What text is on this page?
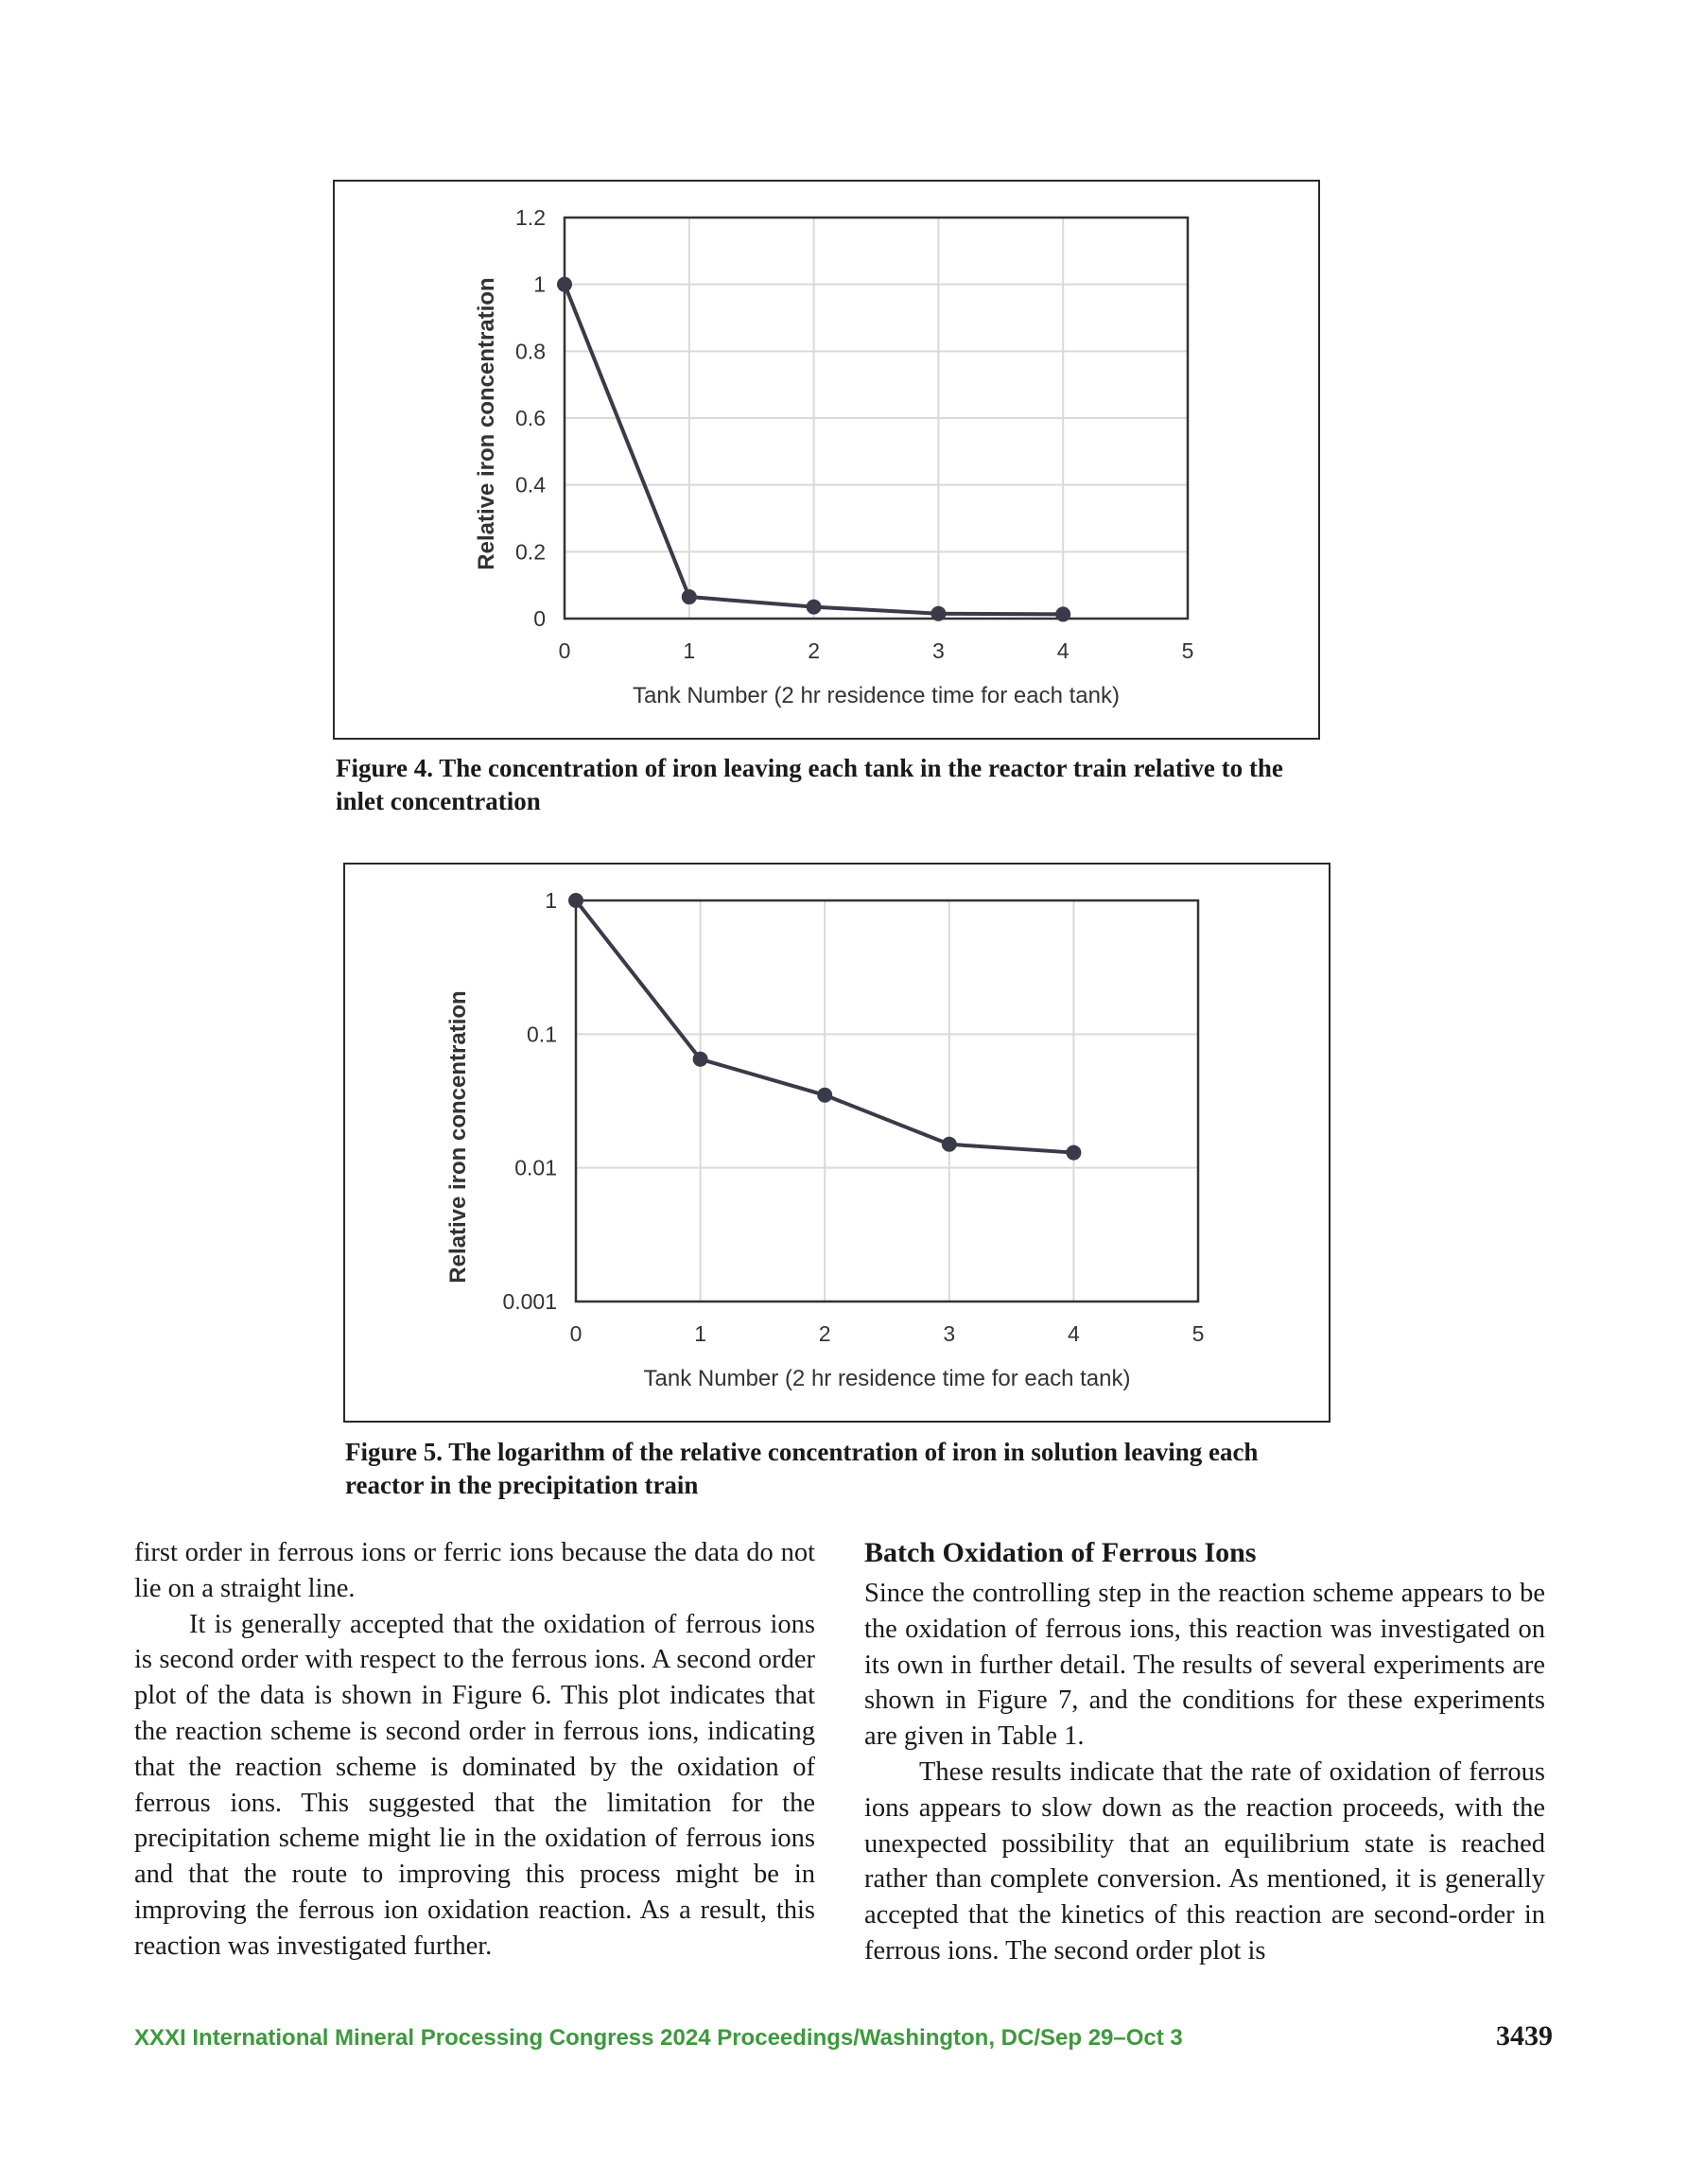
0	1	2	3	4	5
0
0.2
0.4
0.6
0.8
1
1.2
Tank Number (2 hr residence time for each tank)
Relative iron concentration
Figure 4. The concentration of iron leaving each tank in the reactor train relative to the inlet concentration
0	1	2	3	4	5
0.001
0.01
0.1
1
Tank Number (2 hr residence time for each tank)
Relative iron concentration
Figure 5. The logarithm of the relative concentration of iron in solution leaving each reactor in the precipitation train

first order in ferrous ions or ferric ions because the data do not lie on a straight line.

It is generally accepted that the oxidation of ferrous ions is second order with respect to the ferrous ions. A second order plot of the data is shown in Figure 6. This plot indicates that the reaction scheme is second order in ferrous ions, indicating that the reaction scheme is dominated by the oxidation of ferrous ions. This suggested that the limitation for the precipitation scheme might lie in the oxidation of ferrous ions and that the route to improving this process might be in improving the ferrous ion oxidation reaction. As a result, this reaction was investigated further.

Batch Oxidation of Ferrous Ions

Since the controlling step in the reaction scheme appears to be the oxidation of ferrous ions, this reaction was investigated on its own in further detail. The results of several experiments are shown in Figure 7, and the conditions for these experiments are given in Table 1.

These results indicate that the rate of oxidation of ferrous ions appears to slow down as the reaction proceeds, with the unexpected possibility that an equilibrium state is reached rather than complete conversion. As mentioned, it is generally accepted that the kinetics of this reaction are second-order in ferrous ions. The second order plot is

XXXI International Mineral Processing Congress 2024 Proceedings/Washington, DC/Sep 29–Oct 3	3439
